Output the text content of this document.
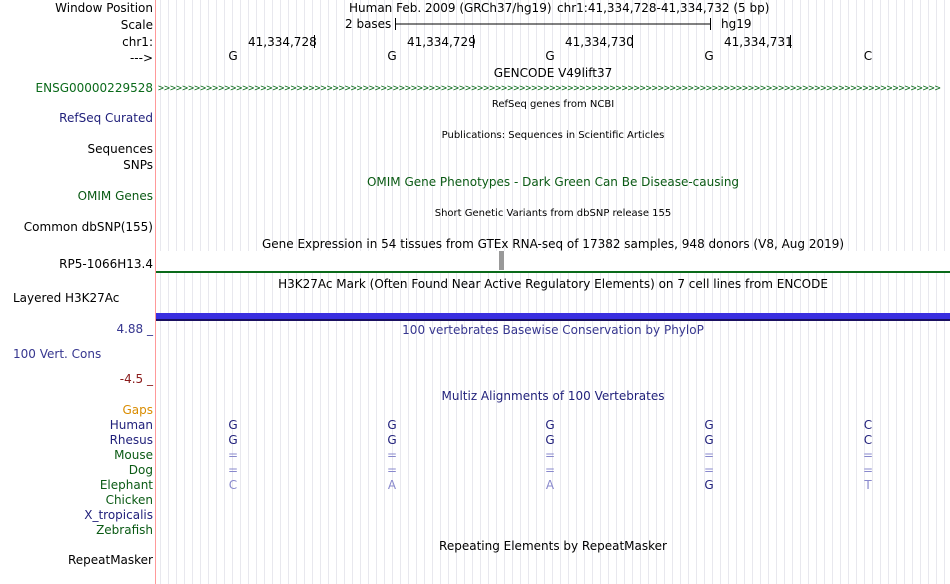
>>>>>>>>>>>>>>>>>>>>>>>>>>>>>>>>>>>>>>>>>>>>>>>>>>>>>>>>>>>>>>>>>>>>>>>>>>>>>>>>>>>>>>>>>>>>>>>>>>>>>>>>>>>>>>>>>>>>>>>>>>>>>>>>>>
Window Position	Human Feb. 2009 (GRCh37/hg19) chr1:41,334,728-41,334,732 (5 bp)
Scale	2 bases	hg19
chr1:	41,334,728	41,334,729	41,334,730	41,334,731
--->	G	G	G	G	C
GENCODE V49lift37
ENSG00000229528
RefSeq genes from NCBI
RefSeq Curated
Publications: Sequences in Scientific Articles
Sequences
SNPs
OMIM Gene Phenotypes - Dark Green Can Be Disease-causing
OMIM Genes
Short Genetic Variants from dbSNP release 155
Common dbSNP(155)
Gene Expression in 54 tissues from GTEx RNA-seq of 17382 samples, 948 donors (V8, Aug 2019)
RP5-1066H13.4
H3K27Ac Mark (Often Found Near Active Regulatory Elements) on 7 cell lines from ENCODE
Layered H3K27Ac
100 vertebrates Basewise Conservation by PhyloP
4.88 _
100 Vert. Cons
-4.5 _
Multiz Alignments of 100 Vertebrates
Gaps
Human	G	G	G	G	C
Rhesus	G	G	G	G	C
Mouse	=	=	=	=	=
Dog	=	=	=	=	=
Elephant	C	A	A	G	T
Chicken
X_tropicalis
Zebrafish
Repeating Elements by RepeatMasker
RepeatMasker
